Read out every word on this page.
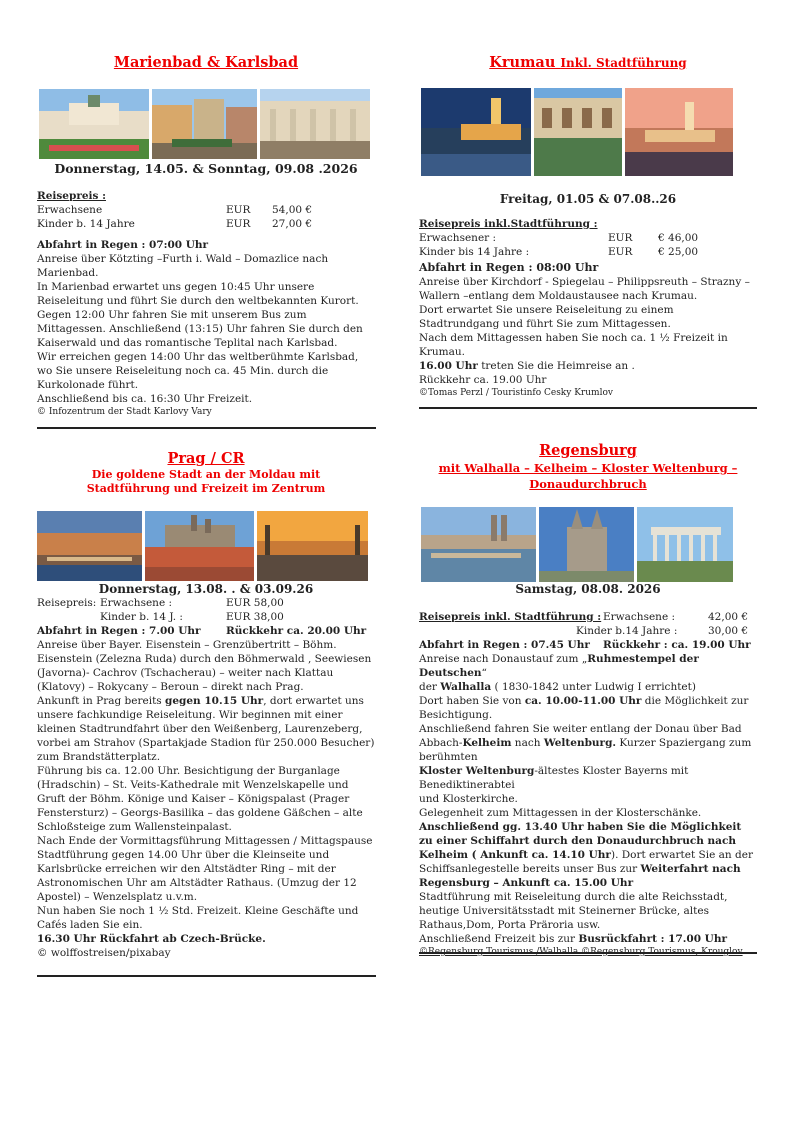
Marienbad & Karlsbad
Donnerstag, 14.05. & Sonntag, 09.08 .2026
Reisepreis :
Erwachsene	EUR	54,00 €
Kinder b. 14 Jahre	EUR	27,00 €
Abfahrt in Regen : 07:00 Uhr
Anreise über Kötzting –Furth i. Wald – Domazlice nach Marienbad.
In Marienbad erwartet uns gegen 10:45 Uhr unsere Reiseleitung und führt Sie durch den weltbekannten Kurort. Gegen 12:00 Uhr fahren Sie mit unserem Bus zum Mittagessen. Anschließend (13:15) Uhr fahren Sie durch den Kaiserwald und das romantische Teplital nach Karlsbad.
Wir erreichen gegen 14:00 Uhr das weltberühmte Karlsbad, wo Sie unsere Reiseleitung noch ca. 45 Min. durch die Kurkolonade führt.
Anschließend bis ca. 16:30 Uhr Freizeit.
© Infozentrum der Stadt Karlovy Vary
Krumau Inkl. Stadtführung
Freitag, 01.05 & 07.08..26
Reisepreis inkl.Stadtführung :
Erwachsener :	EUR	€ 46,00
Kinder bis 14 Jahre :	EUR	€ 25,00
Abfahrt in Regen : 08:00 Uhr
Anreise über Kirchdorf - Spiegelau – Philippsreuth – Strazny – Wallern –entlang dem Moldaustausee nach Krumau.
Dort erwartet Sie unsere Reiseleitung zu einem Stadtrundgang und führt Sie zum Mittagessen.
Nach dem Mittagessen haben Sie noch ca. 1 ½ Freizeit in Krumau.
16.00 Uhr treten Sie die Heimreise an .
Rückkehr ca. 19.00 Uhr
©Tomas Perzl / Touristinfo Cesky Krumlov
Prag / CR
Die goldene Stadt an der Moldau mit Stadtführung und Freizeit im Zentrum
Donnerstag, 13.08. . & 03.09.26
Reisepreis: Erwachsene :	EUR 58,00
Kinder b. 14 J. :	EUR 38,00
Abfahrt in Regen : 7.00 Uhr	Rückkehr ca. 20.00 Uhr
Anreise über Bayer. Eisenstein – Grenzübertritt – Böhm. Eisenstein (Zelezna Ruda) durch den Böhmerwald , Seewiesen (Javorna)- Cachrov (Tschacherau) – weiter nach Klattau (Klatovy) – Rokycany – Beroun – direkt nach Prag.
Ankunft in Prag bereits gegen 10.15 Uhr, dort erwartet uns unsere fachkundige Reiseleitung. Wir beginnen mit einer kleinen Stadtrundfahrt über den Weißenberg, Laurenzeberg, vorbei am Strahov (Spartakjade Stadion für 250.000 Besucher) zum Brandstätterplatz.
Führung bis ca. 12.00 Uhr. Besichtigung der Burganlage (Hradschin) – St. Veits-Kathedrale mit Wenzelskapelle und Gruft der Böhm. Könige und Kaiser – Königspalast (Prager Fenstersturz) – Georgs-Basilika – das goldene Gäßchen – alte Schloßsteige zum Wallensteinpalast.
Nach Ende der Vormittagsführung Mittagessen / Mittagspause Stadtführung gegen 14.00 Uhr über die Kleinseite und Karlsbrücke erreichen wir den Altstädter Ring – mit der Astronomischen Uhr am Altstädter Rathaus. (Umzug der 12 Apostel) – Wenzelsplatz u.v.m.
Nun haben Sie noch 1 ½ Std. Freizeit. Kleine Geschäfte und Cafés laden Sie ein.
16.30 Uhr Rückfahrt ab Czech-Brücke.
© wolffostreisen/pixabay
Regensburg
mit Walhalla – Kelheim – Kloster Weltenburg – Donaudurchbruch
Samstag, 08.08. 2026
Reisepreis inkl. Stadtführung : Erwachsene :	42,00 €
Kinder b.14 Jahre :	30,00 €
Abfahrt in Regen : 07.45 Uhr	Rückkehr : ca. 19.00 Uhr
Anreise nach Donaustauf zum „Ruhmestempel der Deutschen“
der Walhalla ( 1830-1842 unter Ludwig I errichtet)
Dort haben Sie von ca. 10.00-11.00 Uhr die Möglichkeit zur Besichtigung.
Anschließend fahren Sie weiter entlang der Donau über Bad Abbach-Kelheim nach Weltenburg. Kurzer Spaziergang zum berühmten
Kloster Weltenburg-ältestes Kloster Bayerns mit Benediktinerabtei
und Klosterkirche.
Gelegenheit zum Mittagessen in der Klosterschänke.
Anschließend gg. 13.40 Uhr haben Sie die Möglichkeit zu einer Schiffahrt durch den Donaudurchbruch nach Kelheim ( Ankunft ca. 14.10 Uhr). Dort erwartet Sie an der Schiffsanlegestelle bereits unser Bus zur Weiterfahrt nach Regensburg – Ankunft ca. 15.00 Uhr
Stadtführung mit Reiseleitung durch die alte Reichsstadt, heutige Universitätsstadt mit Steinerner Brücke, altes Rathaus,Dom, Porta Präroria usw.
Anschließend Freizeit bis zur Busrückfahrt : 17.00 Uhr
